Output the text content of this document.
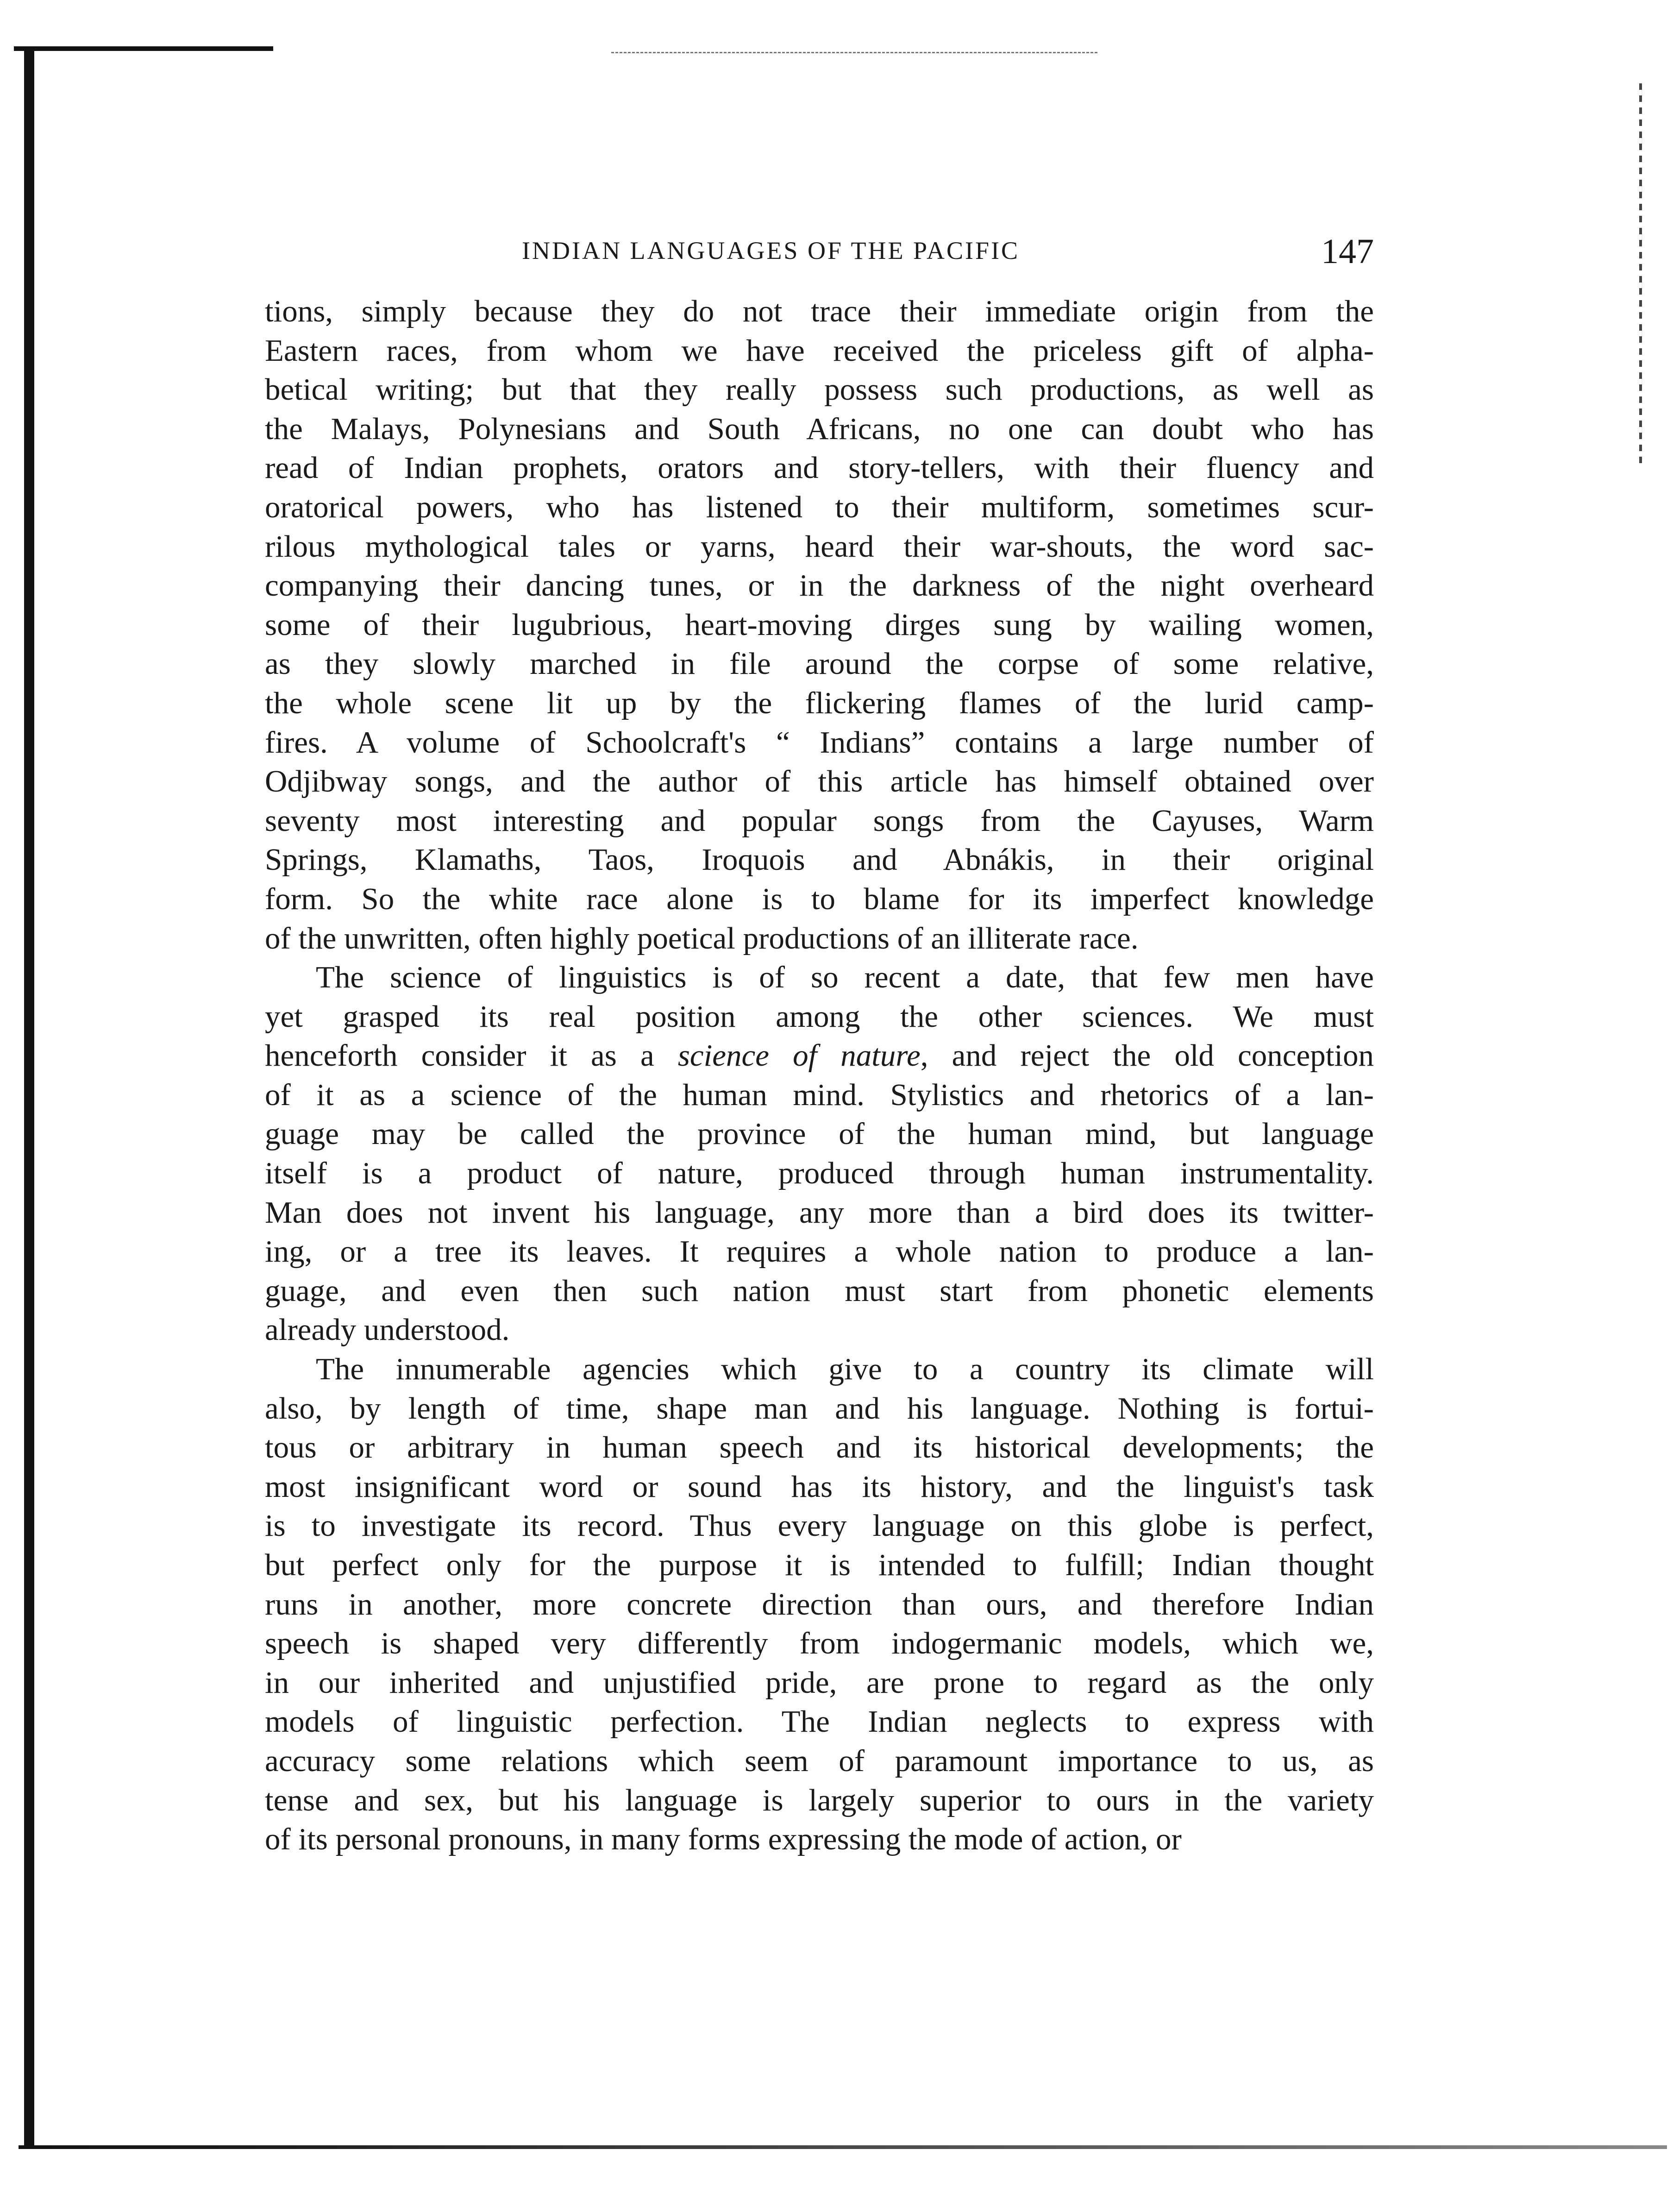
INDIAN LANGUAGES OF THE PACIFIC	147
tions, simply because they do not trace their immediate origin from the
Eastern races, from whom we have received the priceless gift of alpha-
betical writing; but that they really possess such productions, as well as
the Malays, Polynesians and South Africans, no one can doubt who has
read of Indian prophets, orators and story-tellers, with their fluency and
oratorical powers, who has listened to their multiform, sometimes scur-
rilous mythological tales or yarns, heard their war-shouts, the word sac-
companying their dancing tunes, or in the darkness of the night overheard
some of their lugubrious, heart-moving dirges sung by wailing women,
as they slowly marched in file around the corpse of some relative,
the whole scene lit up by the flickering flames of the lurid camp-
fires. A volume of Schoolcraft's “ Indians” contains a large number of
Odjibway songs, and the author of this article has himself obtained over
seventy most interesting and popular songs from the Cayuses, Warm
Springs, Klamaths, Taos, Iroquois and Abnákis, in their original
form. So the white race alone is to blame for its imperfect knowledge
of the unwritten, often highly poetical productions of an illiterate race.
The science of linguistics is of so recent a date, that few men have
yet grasped its real position among the other sciences. We must
henceforth consider it as a science of nature, and reject the old conception
of it as a science of the human mind. Stylistics and rhetorics of a lan-
guage may be called the province of the human mind, but language
itself is a product of nature, produced through human instrumentality.
Man does not invent his language, any more than a bird does its twitter-
ing, or a tree its leaves. It requires a whole nation to produce a lan-
guage, and even then such nation must start from phonetic elements
already understood.
The innumerable agencies which give to a country its climate will
also, by length of time, shape man and his language. Nothing is fortui-
tous or arbitrary in human speech and its historical developments; the
most insignificant word or sound has its history, and the linguist's task
is to investigate its record. Thus every language on this globe is perfect,
but perfect only for the purpose it is intended to fulfill; Indian thought
runs in another, more concrete direction than ours, and therefore Indian
speech is shaped very differently from indogermanic models, which we,
in our inherited and unjustified pride, are prone to regard as the only
models of linguistic perfection. The Indian neglects to express with
accuracy some relations which seem of paramount importance to us, as
tense and sex, but his language is largely superior to ours in the variety
of its personal pronouns, in many forms expressing the mode of action, or
